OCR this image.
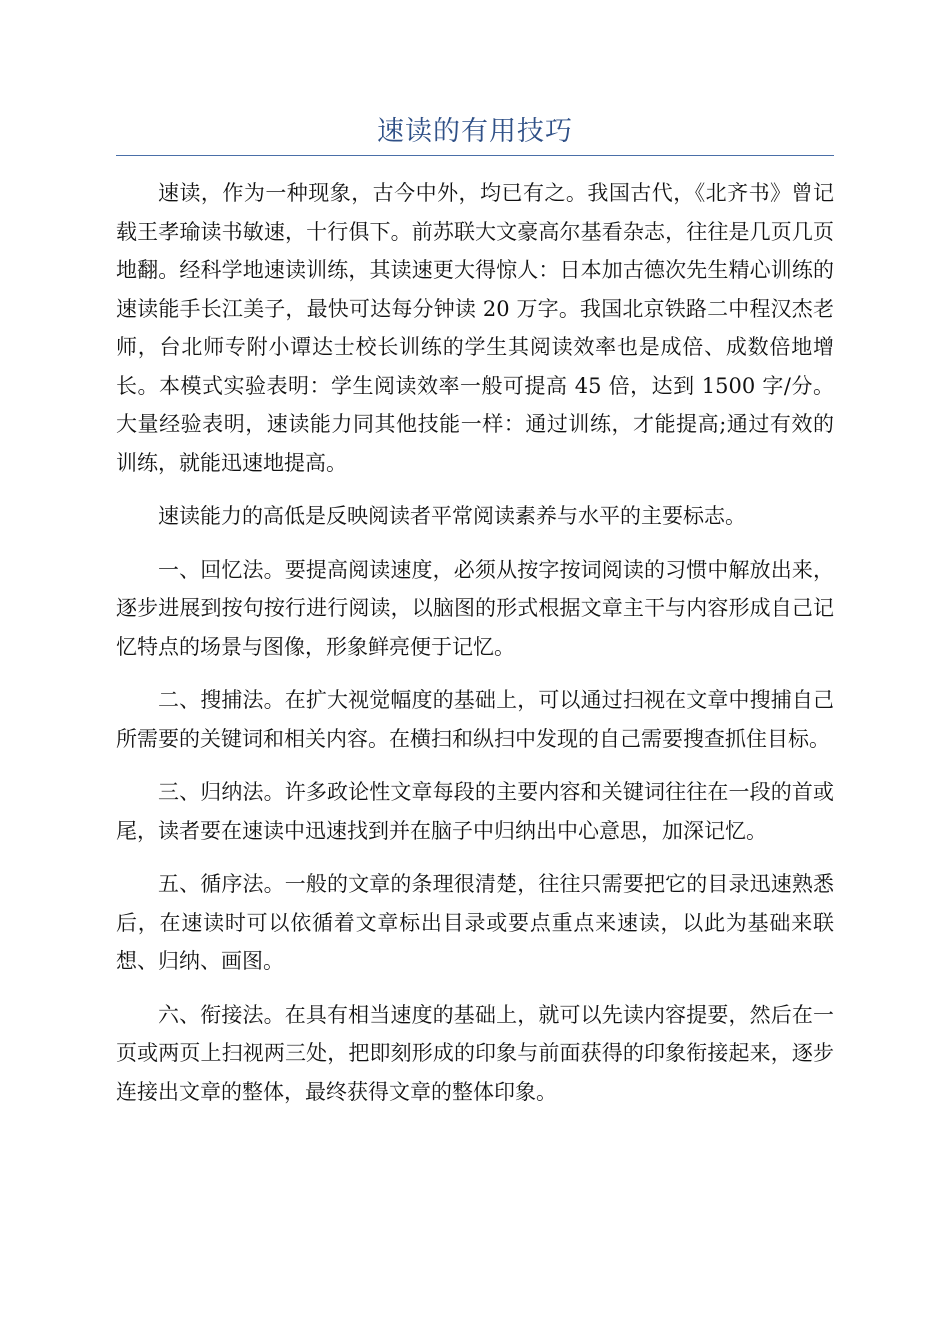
速读的有用技巧

速读，作为一种现象，古今中外，均已有之。我国古代，《北齐书》曾记载王孝瑜读书敏速，十行俱下。前苏联大文豪高尔基看杂志，往往是几页几页地翻。经科学地速读训练，其读速更大得惊人：日本加古德次先生精心训练的速读能手长江美子，最快可达每分钟读 20 万字。我国北京铁路二中程汉杰老师，台北师专附小谭达士校长训练的学生其阅读效率也是成倍、成数倍地增长。本模式实验表明：学生阅读效率一般可提高 45 倍，达到 1500 字/分。大量经验表明，速读能力同其他技能一样：通过训练，才能提高;通过有效的训练，就能迅速地提高。

速读能力的高低是反映阅读者平常阅读素养与水平的主要标志。

一、回忆法。要提高阅读速度，必须从按字按词阅读的习惯中解放出来，逐步进展到按句按行进行阅读，以脑图的形式根据文章主干与内容形成自己记忆特点的场景与图像，形象鲜亮便于记忆。

二、搜捕法。在扩大视觉幅度的基础上，可以通过扫视在文章中搜捕自己所需要的关键词和相关内容。在横扫和纵扫中发现的自己需要搜查抓住目标。

三、归纳法。许多政论性文章每段的主要内容和关键词往往在一段的首或尾，读者要在速读中迅速找到并在脑子中归纳出中心意思，加深记忆。

五、循序法。一般的文章的条理很清楚，往往只需要把它的目录迅速熟悉后，在速读时可以依循着文章标出目录或要点重点来速读，以此为基础来联想、归纳、画图。

六、衔接法。在具有相当速度的基础上，就可以先读内容提要，然后在一页或两页上扫视两三处，把即刻形成的印象与前面获得的印象衔接起来，逐步连接出文章的整体，最终获得文章的整体印象。
